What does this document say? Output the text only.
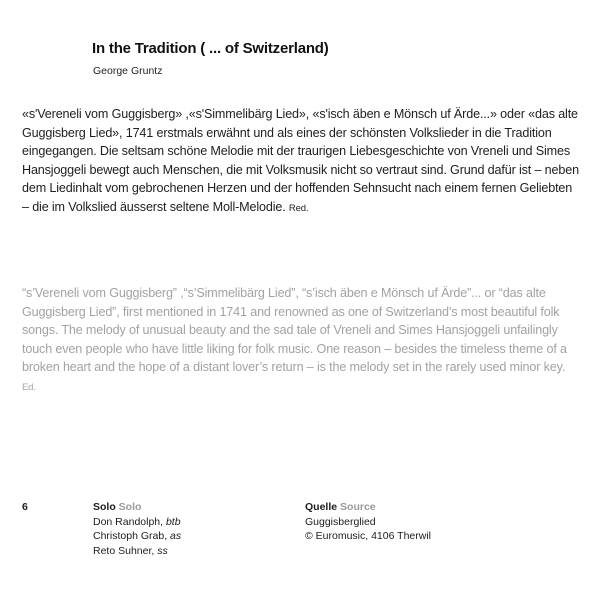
In the Tradition ( ... of Switzerland)
George Gruntz

«s'Vereneli vom Guggisberg» ,«s'Simmelibärg Lied», «s'isch äben e Mönsch uf Ärde...» oder «das alte Guggisberg Lied», 1741 erstmals erwähnt und als eines der schönsten Volkslieder in die Tradition eingegangen. Die seltsam schöne Melodie mit der traurigen Liebesgeschichte von Vreneli und Simes Hansjoggeli bewegt auch Menschen, die mit Volksmusik nicht so vertraut sind. Grund dafür ist – neben dem Liedinhalt vom gebrochenen Herzen und der hoffenden Sehnsucht nach einem fernen Geliebten – die im Volkslied äusserst seltene Moll-Melodie. Red.

“s’Vereneli vom Guggisberg” ,“s’Simmelibärg Lied”, “s’isch äben e Mönsch uf Ärde”... or “das alte Guggisberg Lied”, first mentioned in 1741 and renowned as one of Switzerland’s most beautiful folk songs. The melody of unusual beauty and the sad tale of Vreneli and Simes Hansjoggeli unfailingly touch even people who have little liking for folk music. One reason – besides the timeless theme of a broken heart and the hope of a distant lover’s return – is the melody set in the rarely used minor key. Ed.

6	Solo Solo
Don Randolph, btb
Christoph Grab, as
Reto Suhner, ss
Quelle Source
Guggisberglied
© Euromusic, 4106 Therwil
